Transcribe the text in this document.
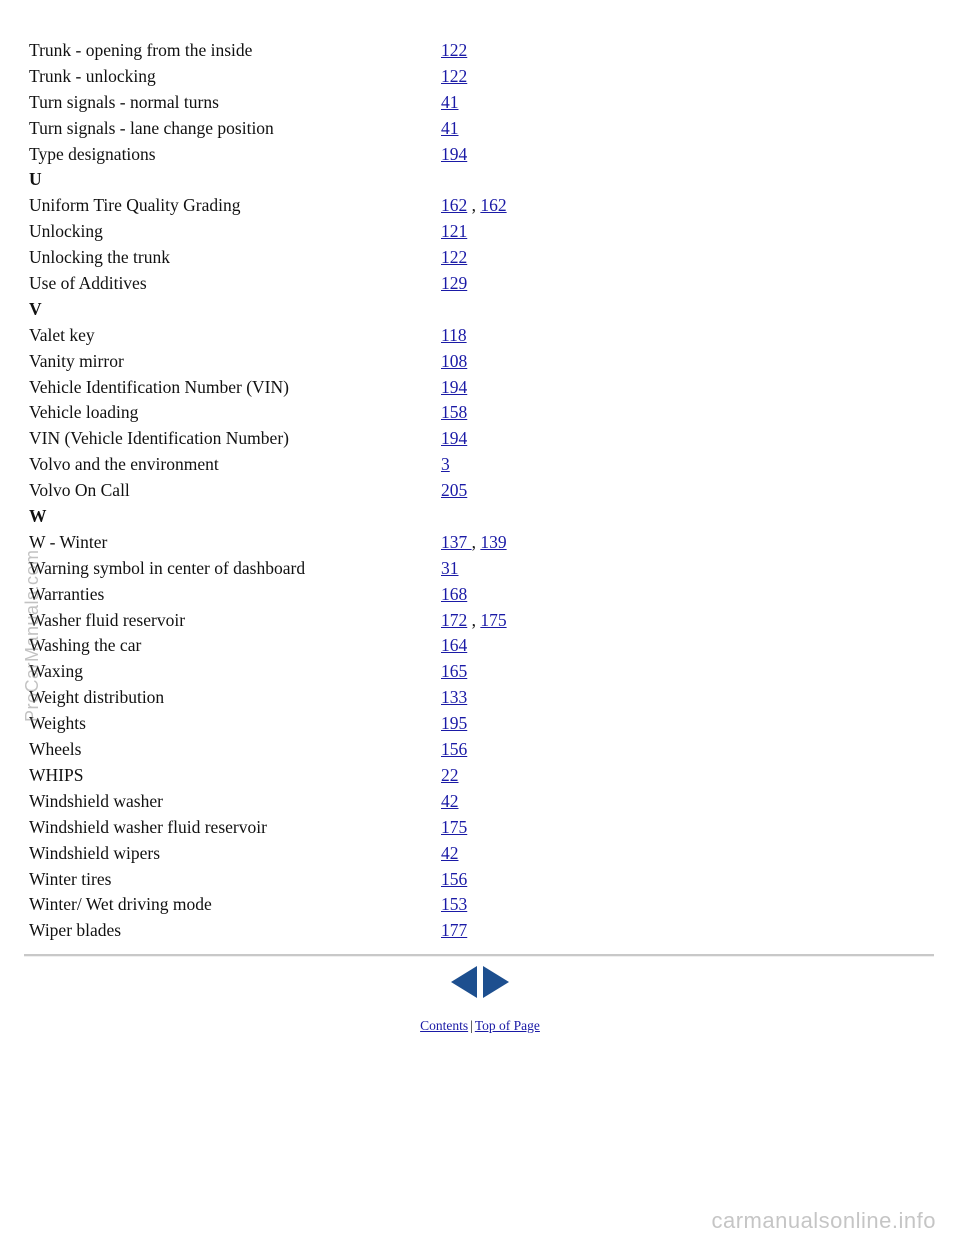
Trunk - opening from the inside	122
Trunk - unlocking	122
Turn signals - normal turns	41
Turn signals - lane change position	41
Type designations	194
U
Uniform Tire Quality Grading	162 , 162
Unlocking	121
Unlocking the trunk	122
Use of Additives	129
V
Valet key	118
Vanity mirror	108
Vehicle Identification Number (VIN)	194
Vehicle loading	158
VIN (Vehicle Identification Number)	194
Volvo and the environment	3
Volvo On Call	205
W
W - Winter	137 , 139
Warning symbol in center of dashboard	31
Warranties	168
Washer fluid reservoir	172 , 175
Washing the car	164
Waxing	165
Weight distribution	133
Weights	195
Wheels	156
WHIPS	22
Windshield washer	42
Windshield washer fluid reservoir	175
Windshield wipers	42
Winter tires	156
Winter/ Wet driving mode	153
Wiper blades	177
Contents | Top of Page
ProCarManuals.com
carmanualsonline.info
